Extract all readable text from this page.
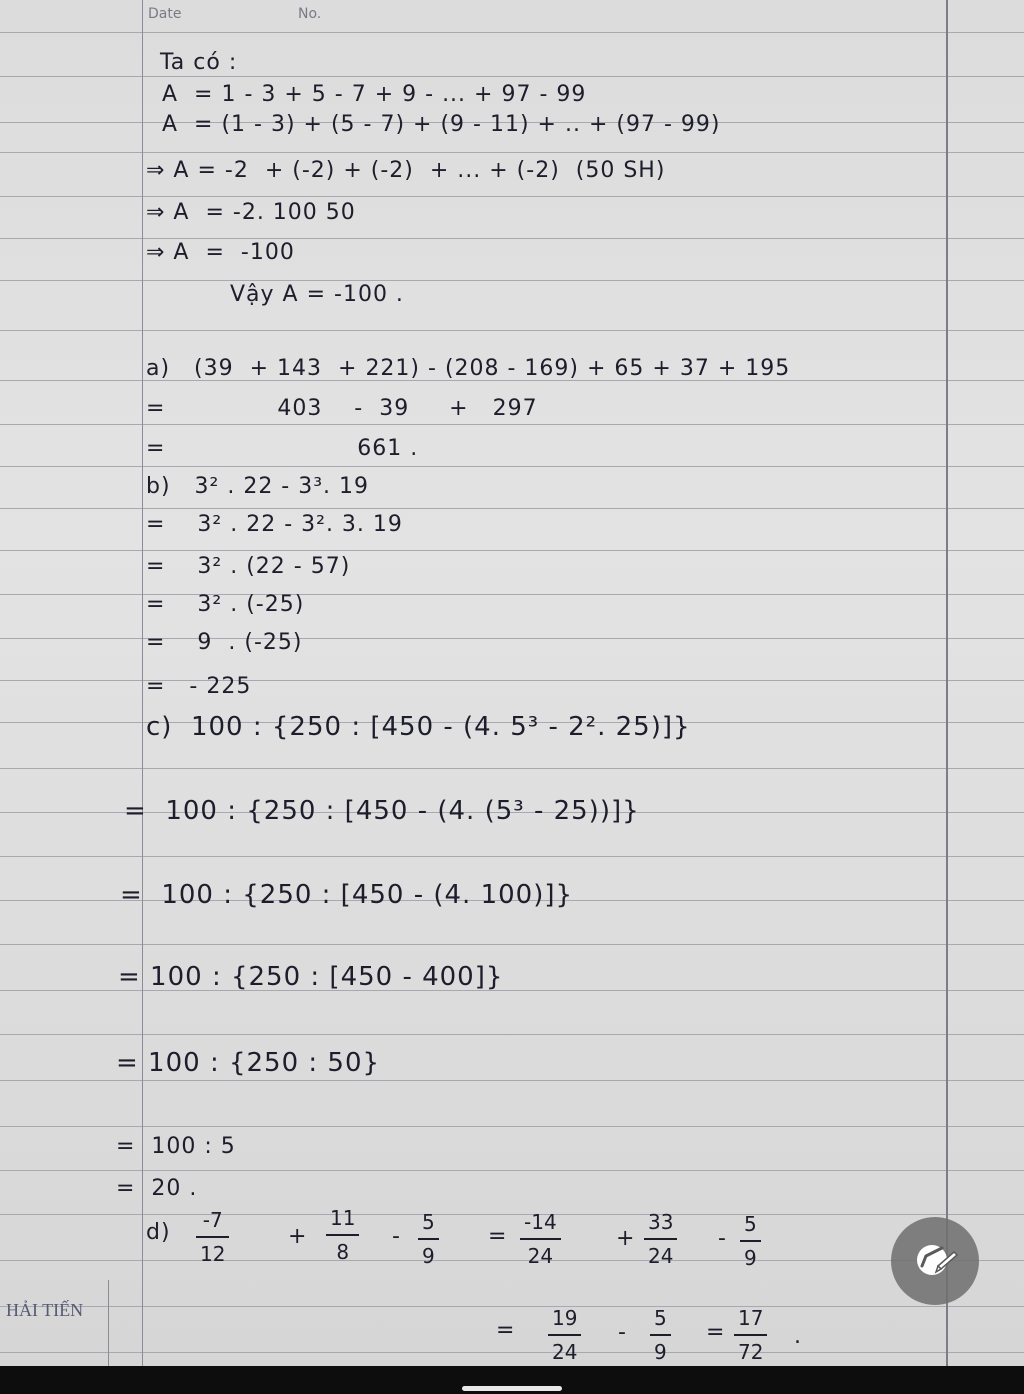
Date	No.
Ta có :
A  = 1 - 3 + 5 - 7 + 9 - ... + 97 - 99
A  = (1 - 3) + (5 - 7) + (9 - 11) + .. + (97 - 99)
⇒ A = -2  + (-2) + (-2)  + ... + (-2)  (50 SH)
⇒ A  = -2. 100 50
⇒ A  =  -100
Vậy A = -100 .
a)   (39  + 143  + 221) - (208 - 169) + 65 + 37 + 195
=              403    -  39     +   297
=                        661 .
b)   3² . 22 - 3³. 19
=    3² . 22 - 3². 3. 19
=    3² . (22 - 57)
=    3² . (-25)
=    9  . (-25)
=   - 225
c)  100 : {250 : [450 - (4. 5³ - 2². 25)]}
=  100 : {250 : [450 - (4. (5³ - 25))]}
=  100 : {250 : [450 - (4. 100)]}
= 100 : {250 : [450 - 400]}
= 100 : {250 : 50}
=  100 : 5
=  20 .
d) -7
12
+
11
8
-
5
9
=
-14
24
+
33
24
-
5
9
= 19
24
-
5
9
=
17
72
.
HẢI TIẾN
